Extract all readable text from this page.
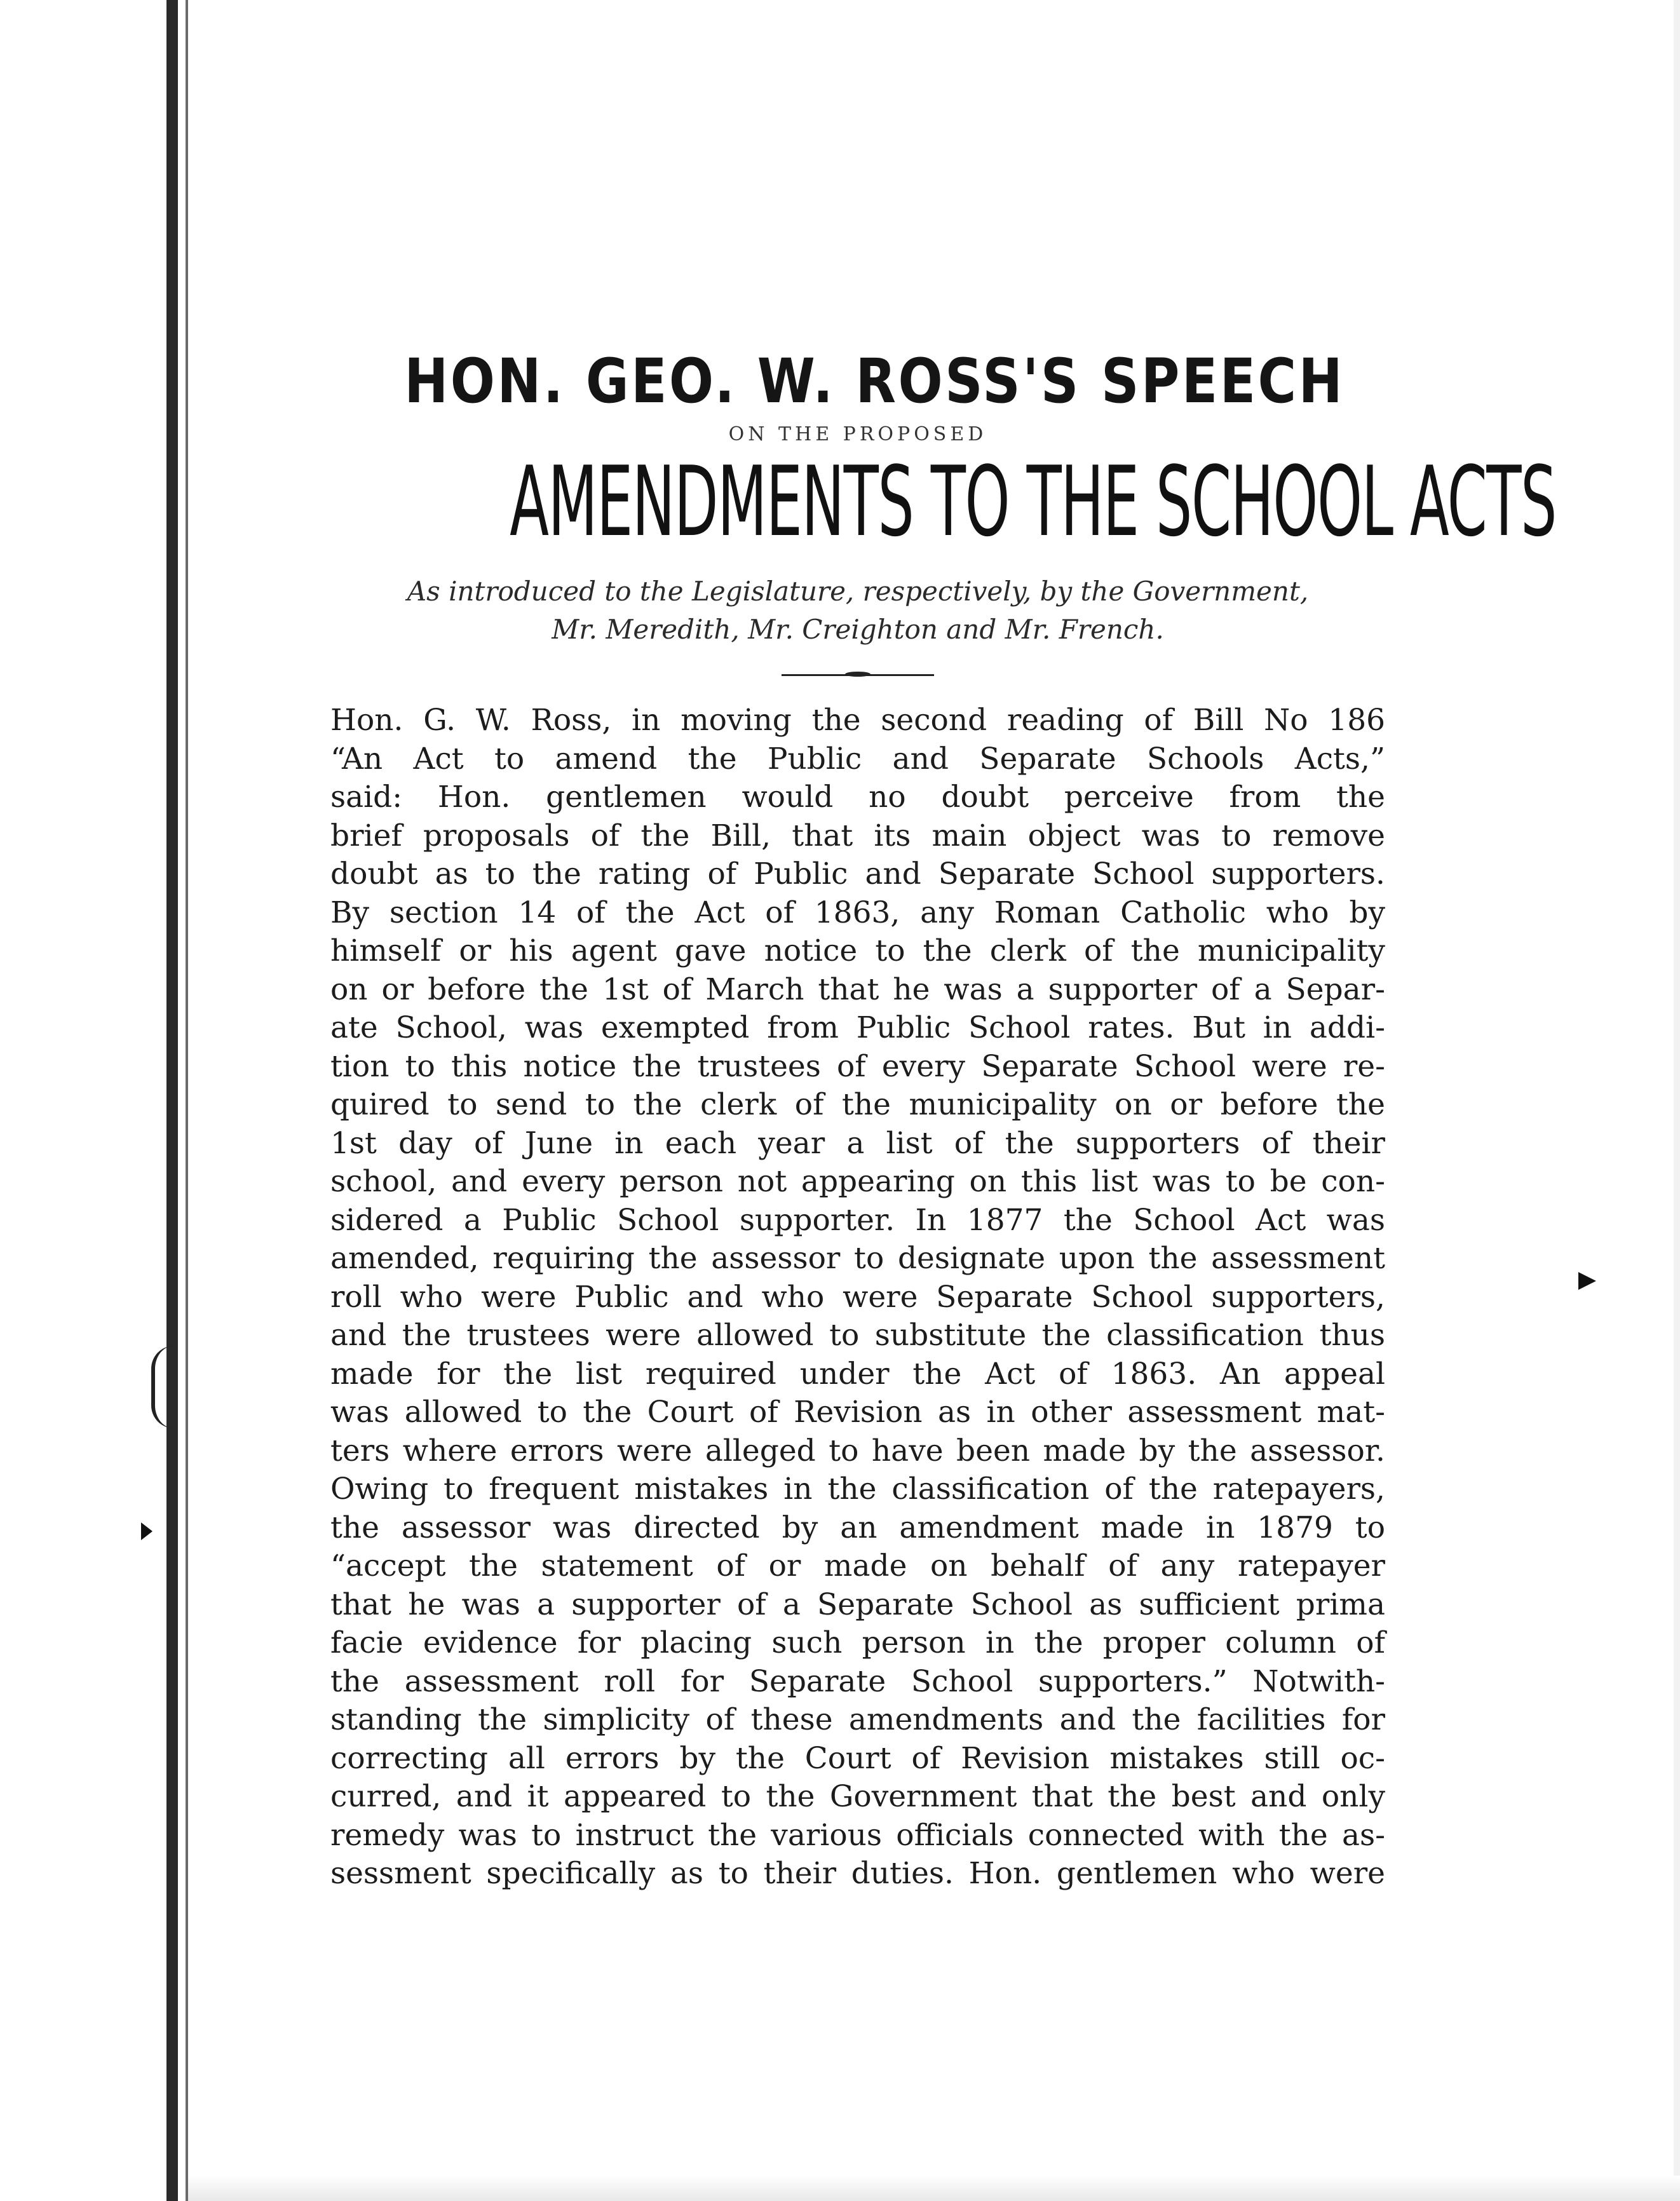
HON. GEO. W. ROSS'S SPEECH
ON THE PROPOSED
AMENDMENTS TO THE SCHOOL ACTS
As introduced to the Legislature, respectively, by the Government, Mr. Meredith, Mr. Creighton and Mr. French.
Hon. G. W. Ross, in moving the second reading of Bill No 186
“An Act to amend the Public and Separate Schools Acts,”
said: Hon. gentlemen would no doubt perceive from the
brief proposals of the Bill, that its main object was to remove
doubt as to the rating of Public and Separate School supporters.
By section 14 of the Act of 1863, any Roman Catholic who by
himself or his agent gave notice to the clerk of the municipality
on or before the 1st of March that he was a supporter of a Separ-
ate School, was exempted from Public School rates. But in addi-
tion to this notice the trustees of every Separate School were re-
quired to send to the clerk of the municipality on or before the
1st day of June in each year a list of the supporters of their
school, and every person not appearing on this list was to be con-
sidered a Public School supporter. In 1877 the School Act was
amended, requiring the assessor to designate upon the assessment
roll who were Public and who were Separate School supporters,
and the trustees were allowed to substitute the classification thus
made for the list required under the Act of 1863. An appeal
was allowed to the Court of Revision as in other assessment mat-
ters where errors were alleged to have been made by the assessor.
Owing to frequent mistakes in the classification of the ratepayers,
the assessor was directed by an amendment made in 1879 to
“accept the statement of or made on behalf of any ratepayer
that he was a supporter of a Separate School as sufficient prima
facie evidence for placing such person in the proper column of
the assessment roll for Separate School supporters.” Notwith-
standing the simplicity of these amendments and the facilities for
correcting all errors by the Court of Revision mistakes still oc-
curred, and it appeared to the Government that the best and only
remedy was to instruct the various officials connected with the as-
sessment specifically as to their duties. Hon. gentlemen who were
